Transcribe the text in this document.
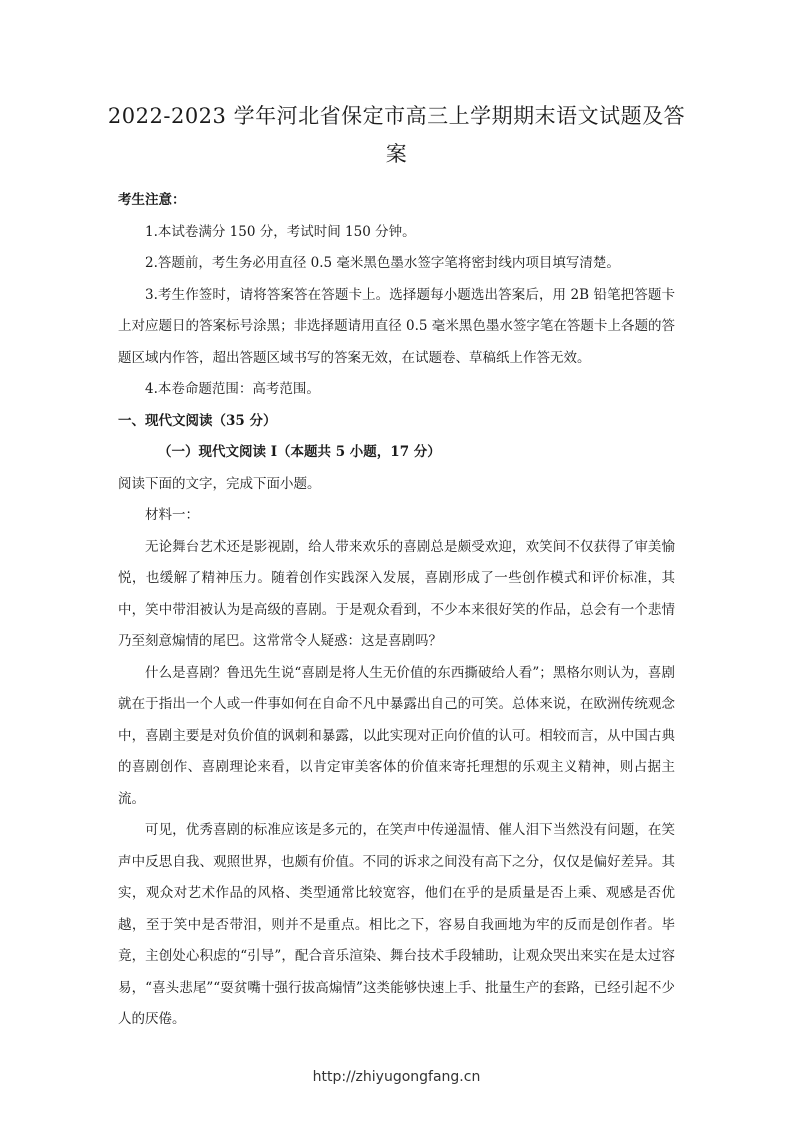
2022-2023 学年河北省保定市高三上学期期末语文试题及答案

考生注意：

1.本试卷满分 150 分，考试时间 150 分钟。

2.答题前，考生务必用直径 0.5 毫米黑色墨水签字笔将密封线内项目填写清楚。

3.考生作签时，请将答案答在答题卡上。选择题每小题选出答案后，用 2B 铅笔把答题卡上对应题日的答案标号涂黑；非选择题请用直径 0.5 毫米黑色墨水签字笔在答题卡上各题的答题区域内作答，超出答题区域书写的答案无效，在试题卷、草稿纸上作答无效。

4.本卷命题范围：高考范围。

一、现代文阅读（35 分）

（一）现代文阅读 I（本题共 5 小题，17 分）

阅读下面的文字，完成下面小题。

材料一：

无论舞台艺术还是影视剧，给人带来欢乐的喜剧总是颇受欢迎，欢笑间不仅获得了审美愉悦，也缓解了精神压力。随着创作实践深入发展，喜剧形成了一些创作模式和评价标准，其中，笑中带泪被认为是高级的喜剧。于是观众看到，不少本来很好笑的作品，总会有一个悲情乃至刻意煽情的尾巴。这常常令人疑惑：这是喜剧吗？

什么是喜剧？鲁迅先生说“喜剧是将人生无价值的东西撕破给人看”；黑格尔则认为，喜剧就在于指出一个人或一件事如何在自命不凡中暴露出自己的可笑。总体来说，在欧洲传统观念中，喜剧主要是对负价值的讽刺和暴露，以此实现对正向价值的认可。相较而言，从中国古典的喜剧创作、喜剧理论来看，以肯定审美客体的价值来寄托理想的乐观主义精神，则占据主流。

可见，优秀喜剧的标准应该是多元的，在笑声中传递温情、催人泪下当然没有问题，在笑声中反思自我、观照世界，也颇有价值。不同的诉求之间没有高下之分，仅仅是偏好差异。其实，观众对艺术作品的风格、类型通常比较宽容，他们在乎的是质量是否上乘、观感是否优越，至于笑中是否带泪，则并不是重点。相比之下，容易自我画地为牢的反而是创作者。毕竟，主创处心积虑的“引导”，配合音乐渲染、舞台技术手段辅助，让观众哭出来实在是太过容易，“喜头悲尾”“耍贫嘴十强行拔高煽情”这类能够快速上手、批量生产的套路，已经引起不少人的厌倦。

http://zhiyugongfang.cn
